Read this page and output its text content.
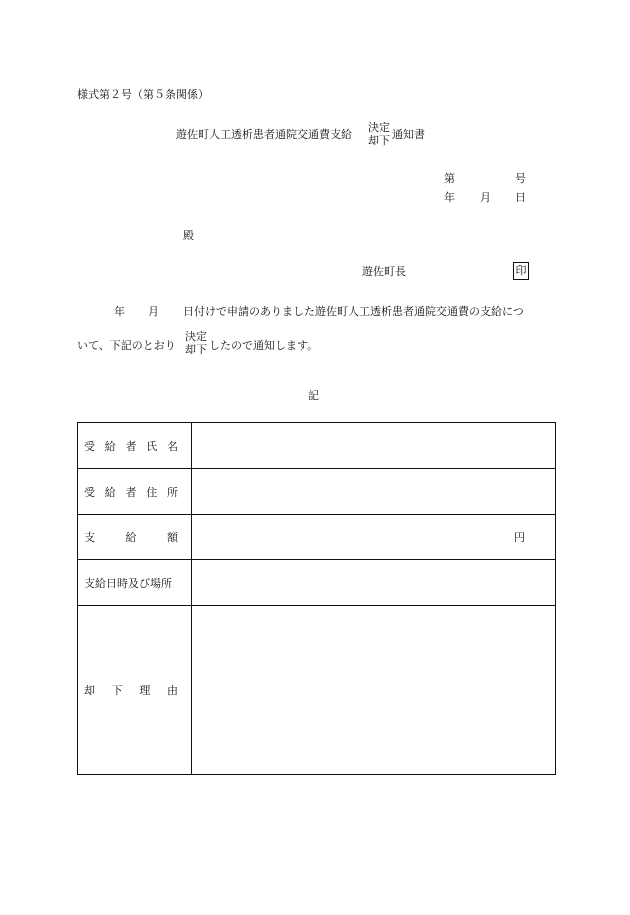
様式第２号（第５条関係）
遊佐町人工透析患者通院交通費支給
決定
却下 通知書
第	号
年 月 日
殿
遊佐町長	印
年 月 日付けで申請のありました遊佐町人工透析患者通院交通費の支給につ
いて、下記のとおり
決定
却下 したので通知します。
記
受 給 者 氏 名	

受 給 者 住 所	

支 給 額	円

支給日時及び場所	

却 下 理 由	
